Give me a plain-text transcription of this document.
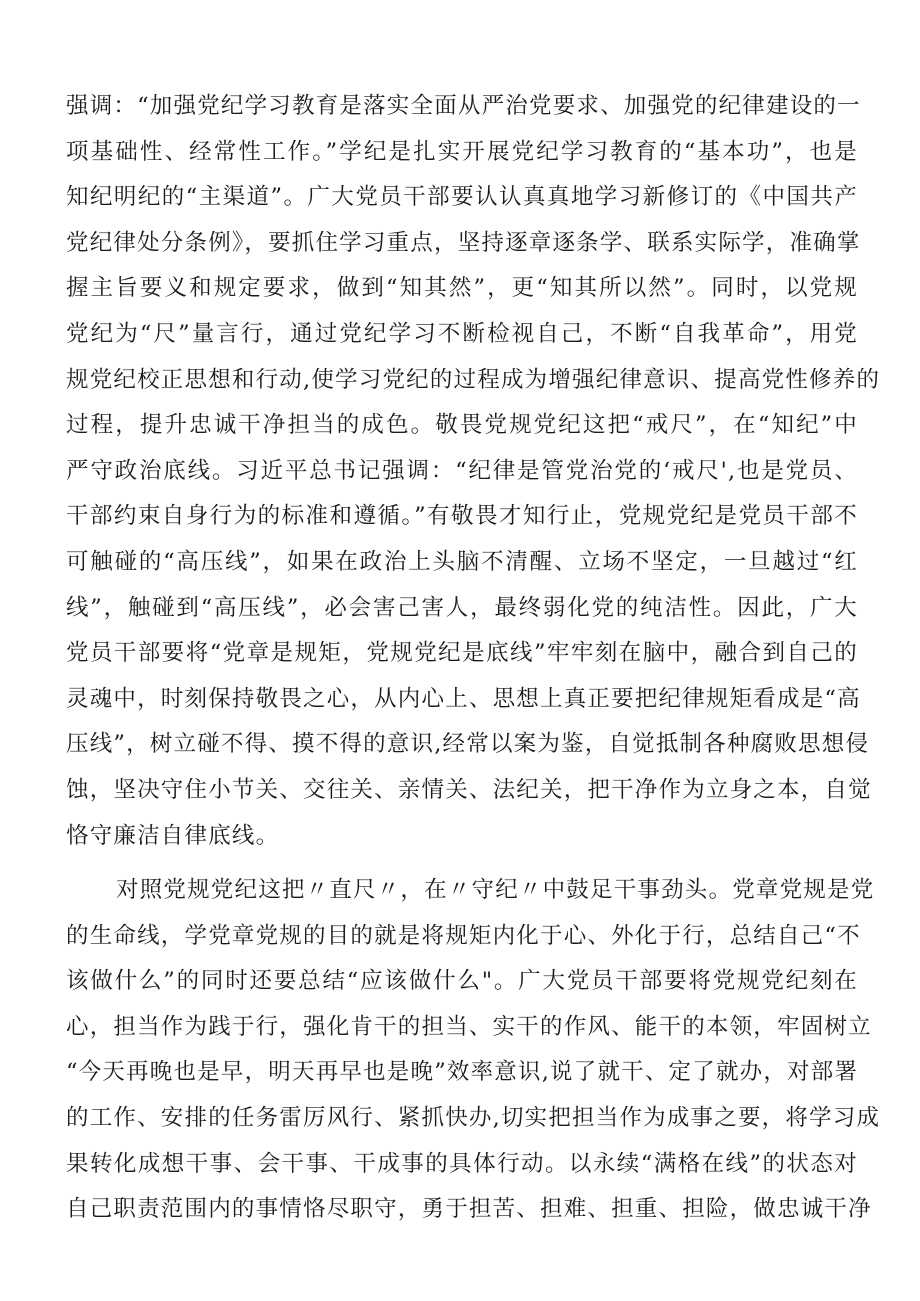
强调：“加强党纪学习教育是落实全面从严治党要求、加强党的纪律建设的一
项基础性、经常性工作。”学纪是扎实开展党纪学习教育的“基本功”，也是
知纪明纪的“主渠道”。广大党员干部要认认真真地学习新修订的《中国共产
党纪律处分条例》，要抓住学习重点，坚持逐章逐条学、联系实际学，准确掌
握主旨要义和规定要求，做到“知其然”，更“知其所以然”。同时，以党规
党纪为“尺”量言行，通过党纪学习不断检视自己，不断“自我革命”，用党
规党纪校正思想和行动,使学习党纪的过程成为增强纪律意识、提高党性修养的
过程，提升忠诚干净担当的成色。敬畏党规党纪这把“戒尺”，在“知纪”中
严守政治底线。习近平总书记强调：“纪律是管党治党的‘戒尺',也是党员、
干部约束自身行为的标准和遵循。”有敬畏才知行止，党规党纪是党员干部不
可触碰的“高压线”，如果在政治上头脑不清醒、立场不坚定，一旦越过“红
线”，触碰到“高压线”，必会害己害人，最终弱化党的纯洁性。因此，广大
党员干部要将“党章是规矩，党规党纪是底线”牢牢刻在脑中，融合到自己的
灵魂中，时刻保持敬畏之心，从内心上、思想上真正要把纪律规矩看成是“高
压线”，树立碰不得、摸不得的意识,经常以案为鉴，自觉抵制各种腐败思想侵
蚀，坚决守住小节关、交往关、亲情关、法纪关，把干净作为立身之本，自觉
恪守廉洁自律底线。
对照党规党纪这把〃直尺〃，在〃守纪〃中鼓足干事劲头。党章党规是党
的生命线，学党章党规的目的就是将规矩内化于心、外化于行，总结自己“不
该做什么”的同时还要总结“应该做什么"。广大党员干部要将党规党纪刻在
心，担当作为践于行，强化肯干的担当、实干的作风、能干的本领，牢固树立
“今天再晚也是早，明天再早也是晚”效率意识,说了就干、定了就办，对部署
的工作、安排的任务雷厉风行、紧抓快办,切实把担当作为成事之要，将学习成
果转化成想干事、会干事、干成事的具体行动。以永续“满格在线”的状态对
自己职责范围内的事情恪尽职守，勇于担苦、担难、担重、担险，做忠诚干净
